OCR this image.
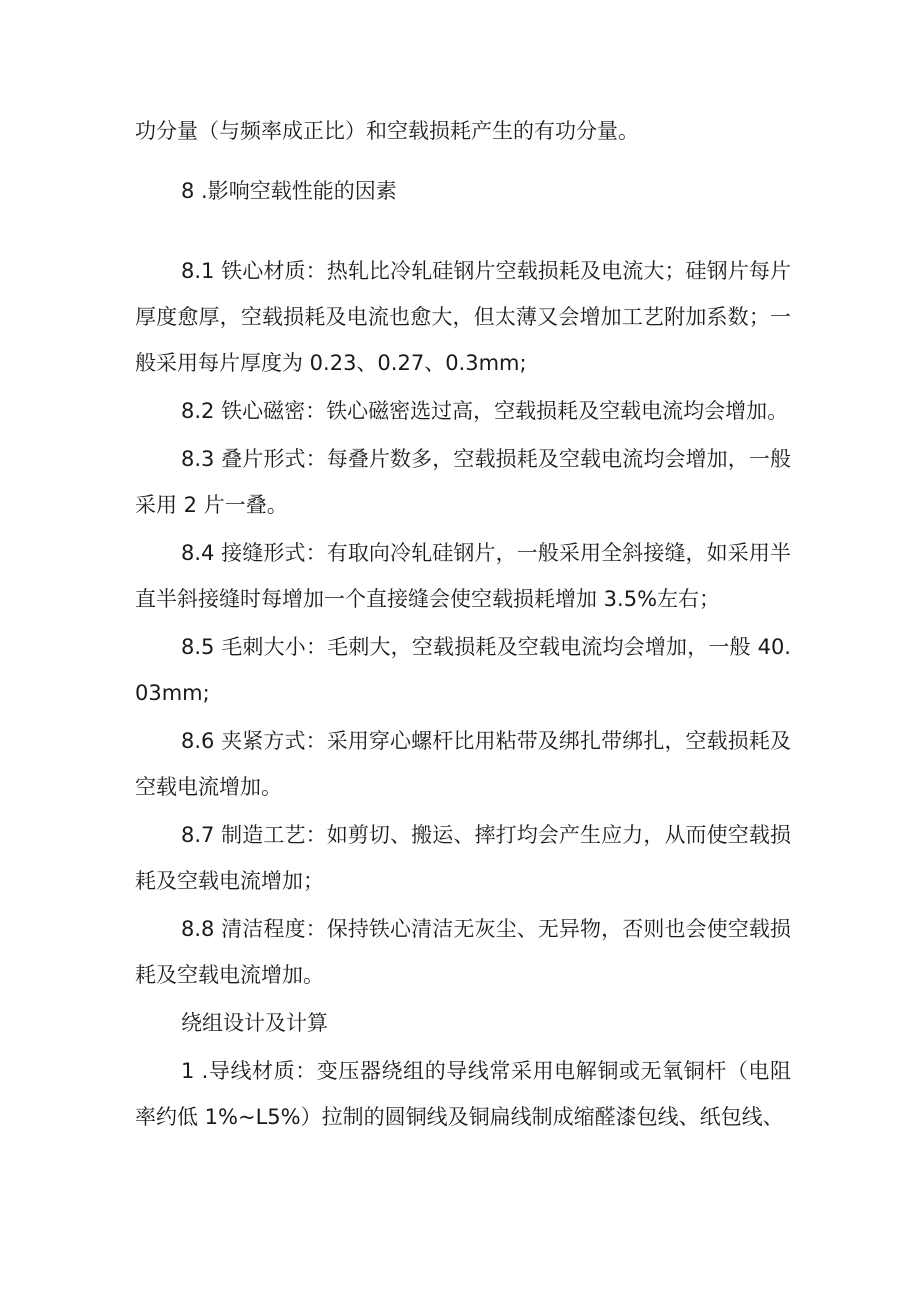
功分量（与频率成正比）和空载损耗产生的有功分量。

8 .影响空载性能的因素

8.1 铁心材质：热轧比冷轧硅钢片空载损耗及电流大；硅钢片每片厚度愈厚，空载损耗及电流也愈大，但太薄又会增加工艺附加系数；一般采用每片厚度为 0.23、0.27、0.3mm;

8.2 铁心磁密：铁心磁密选过高，空载损耗及空载电流均会增加。

8.3 叠片形式：每叠片数多，空载损耗及空载电流均会增加，一般采用 2 片一叠。

8.4 接缝形式：有取向冷轧硅钢片，一般采用全斜接缝，如采用半直半斜接缝时每增加一个直接缝会使空载损耗增加 3.5%左右；

8.5 毛刺大小：毛刺大，空载损耗及空载电流均会增加，一般 40.03mm;

8.6 夹紧方式：采用穿心螺杆比用粘带及绑扎带绑扎，空载损耗及空载电流增加。

8.7 制造工艺：如剪切、搬运、摔打均会产生应力，从而使空载损耗及空载电流增加；

8.8 清洁程度：保持铁心清洁无灰尘、无异物，否则也会使空载损耗及空载电流增加。

绕组设计及计算

1 .导线材质：变压器绕组的导线常采用电解铜或无氧铜杆（电阻率约低 1%~L5%）拉制的圆铜线及铜扁线制成缩醛漆包线、纸包线、
